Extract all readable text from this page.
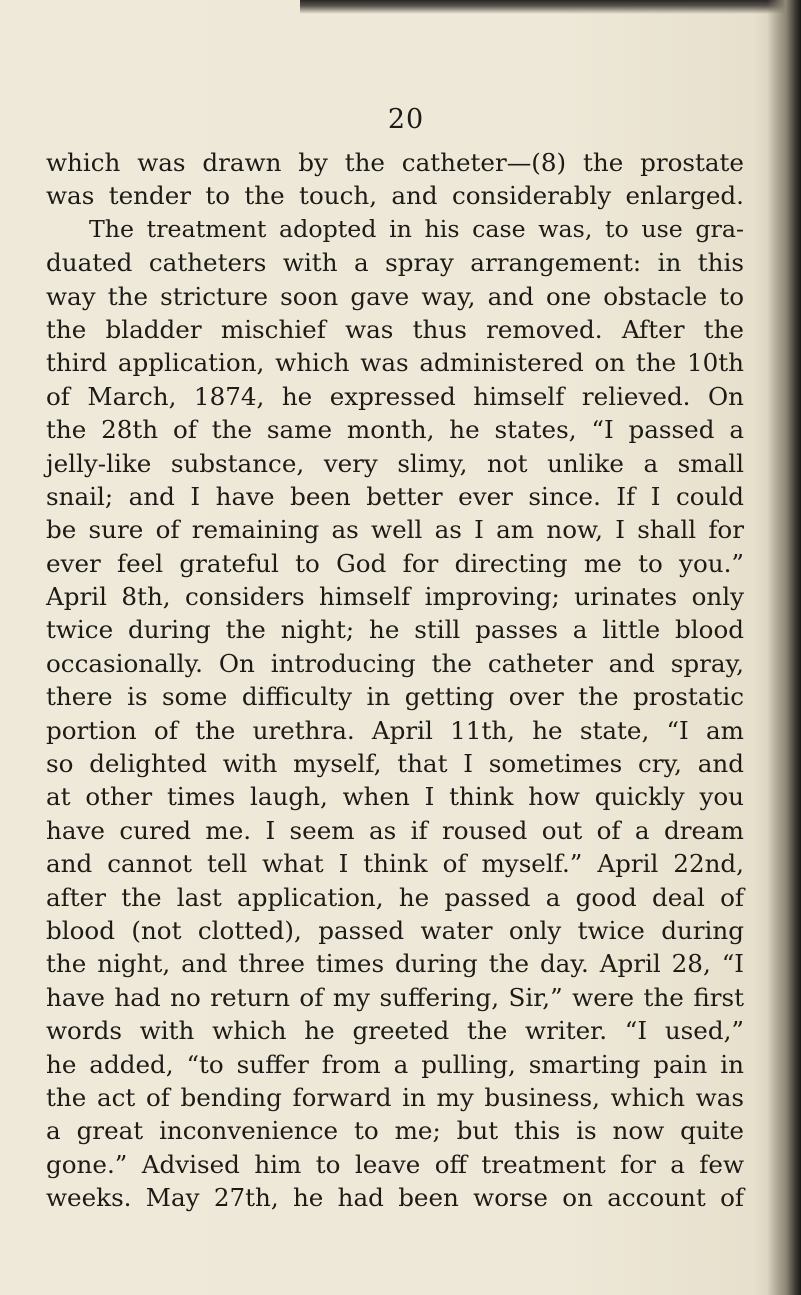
20
which was drawn by the catheter—(8) the prostate
was tender to the touch, and considerably enlarged.
The treatment adopted in his case was, to use gra-
duated catheters with a spray arrangement: in this
way the stricture soon gave way, and one obstacle to
the bladder mischief was thus removed. After the
third application, which was administered on the 10th
of March, 1874, he expressed himself relieved. On
the 28th of the same month, he states, “I passed a
jelly-like substance, very slimy, not unlike a small
snail; and I have been better ever since. If I could
be sure of remaining as well as I am now, I shall for
ever feel grateful to God for directing me to you.”
April 8th, considers himself improving; urinates only
twice during the night; he still passes a little blood
occasionally. On introducing the catheter and spray,
there is some difficulty in getting over the prostatic
portion of the urethra. April 11th, he state, “I am
so delighted with myself, that I sometimes cry, and
at other times laugh, when I think how quickly you
have cured me. I seem as if roused out of a dream
and cannot tell what I think of myself.” April 22nd,
after the last application, he passed a good deal of
blood (not clotted), passed water only twice during
the night, and three times during the day. April 28, “I
have had no return of my suffering, Sir,” were the first
words with which he greeted the writer. “I used,”
he added, “to suffer from a pulling, smarting pain in
the act of bending forward in my business, which was
a great inconvenience to me; but this is now quite
gone.” Advised him to leave off treatment for a few
weeks. May 27th, he had been worse on account of
